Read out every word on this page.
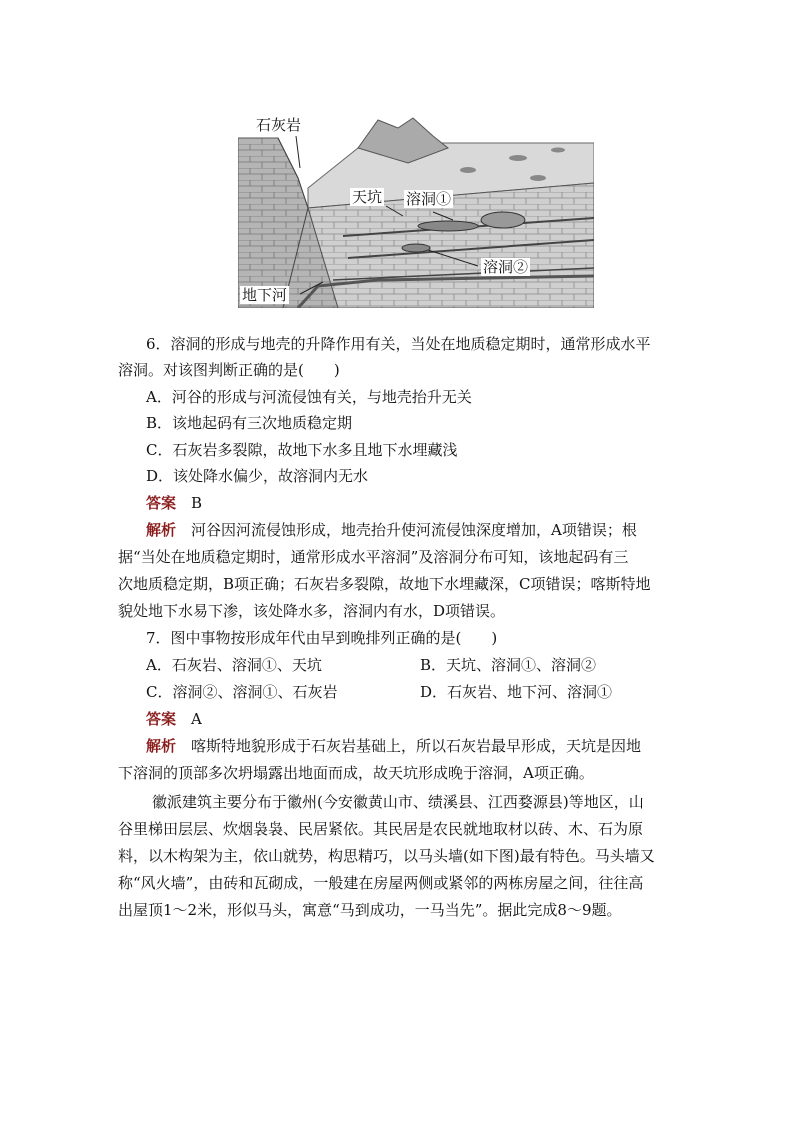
石灰岩
天坑 溶洞①
溶洞②
地下河
6．溶洞的形成与地壳的升降作用有关，当处在地质稳定期时，通常形成水平
溶洞。对该图判断正确的是(　　)
A．河谷的形成与河流侵蚀有关，与地壳抬升无关
B．该地起码有三次地质稳定期
C．石灰岩多裂隙，故地下水多且地下水埋藏浅
D．该处降水偏少，故溶洞内无水
答案　 B
解析　 河谷因河流侵蚀形成，地壳抬升使河流侵蚀深度增加，A项错误；根
据“当处在地质稳定期时，通常形成水平溶洞”及溶洞分布可知，该地起码有三
次地质稳定期，B项正确；石灰岩多裂隙，故地下水埋藏深，C项错误；喀斯特地
貌处地下水易下渗，该处降水多，溶洞内有水，D项错误。
7．图中事物按形成年代由早到晚排列正确的是(　　)
A．石灰岩、溶洞①、天坑	B．天坑、溶洞①、溶洞②
C．溶洞②、溶洞①、石灰岩	D．石灰岩、地下河、溶洞①
答案　 A
解析　 喀斯特地貌形成于石灰岩基础上，所以石灰岩最早形成，天坑是因地
下溶洞的顶部多次坍塌露出地面而成，故天坑形成晚于溶洞，A项正确。
徽派建筑主要分布于徽州(今安徽黄山市、绩溪县、江西婺源县)等地区，山
谷里梯田层层、炊烟袅袅、民居紧依。其民居是农民就地取材以砖、木、石为原
料，以木构架为主，依山就势，构思精巧，以马头墙(如下图)最有特色。马头墙又
称“风火墙”，由砖和瓦砌成，一般建在房屋两侧或紧邻的两栋房屋之间，往往高
出屋顶1～2米，形似马头，寓意“马到成功，一马当先”。据此完成8～9题。
